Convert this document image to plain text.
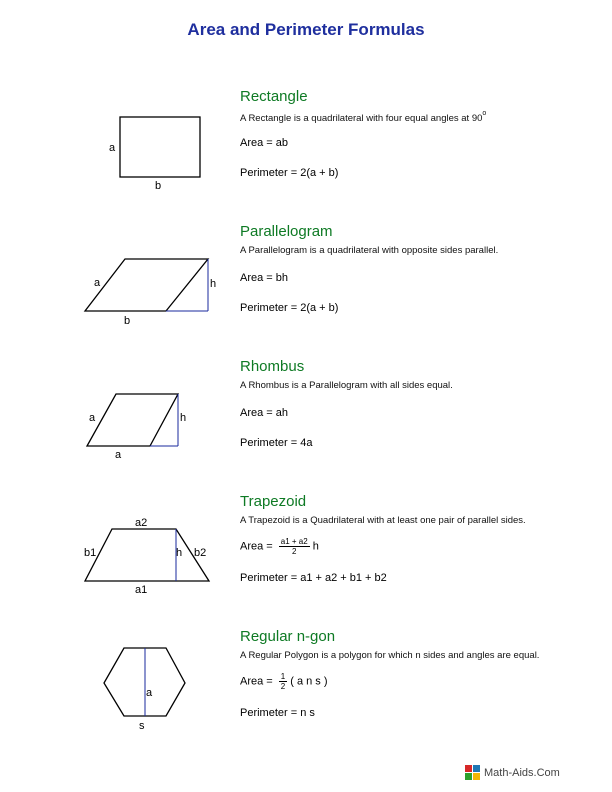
Area and Perimeter Formulas
a
b
Rectangle
A Rectangle is a quadrilateral with four equal angles at 90$^o$
Area = ab
Perimeter = 2(a + b)
a	h
b
Parallelogram
A Parallelogram is a quadrilateral with opposite sides parallel.
Area = bh
Perimeter = 2(a + b)
a	h
a
Rhombus
A Rhombus is a Parallelogram with all sides equal.
Area = ah
Perimeter = 4a
a2
b1	h b2
a1
Trapezoid
A Trapezoid is a Quadrilateral with at least one pair of parallel sides.
Area = $\frac{a1 + a2}{2}$ h
Perimeter = a1 + a2 + b1 + b2
a
s
Regular n-gon
A Regular Polygon is a polygon for which n sides and angles are equal.
Area = $\frac{1}{2}$ ( a n s )
Perimeter = n s
Math-Aids.Com
